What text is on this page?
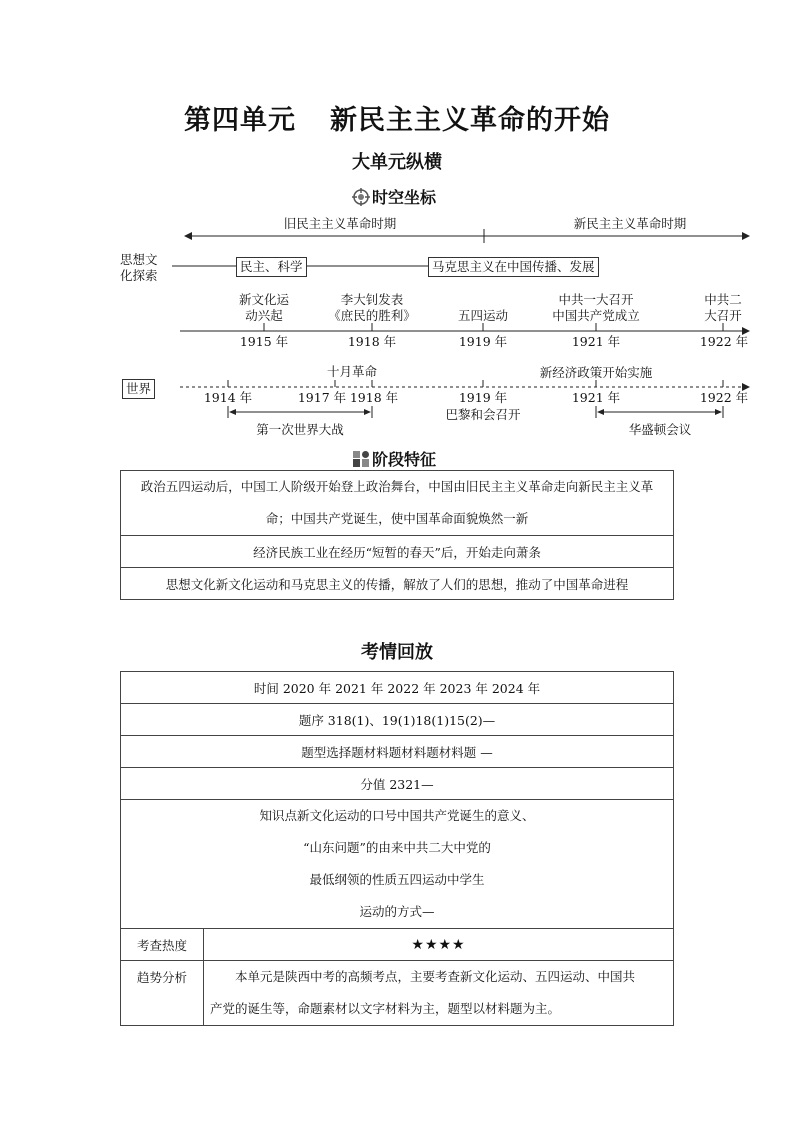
第四单元 新民主主义革命的开始
大单元纵横
时空坐标
旧民主主义革命时期	新民主主义革命时期
思想文
化探索
民主、科学	马克思主义在中国传播、发展
新文化运
动兴起
李大钊发表
《庶民的胜利》	五四运动
中共一大召开
中国共产党成立
中共二
大召开
1915 年	1918 年	1919 年	1921 年	1922 年
世界
十月革命	新经济政策开始实施
1914 年	1917 年 1918 年	1919 年	1921 年	1922 年
巴黎和会召开
第一次世界大战	华盛顿会议
阶段特征
政治五四运动后，中国工人阶级开始登上政治舞台，中国由旧民主主义革命走向新民主主义革
命；中国共产党诞生，使中国革命面貌焕然一新

经济民族工业在经历“短暂的春天”后，开始走向萧条
思想文化新文化运动和马克思主义的传播，解放了人们的思想，推动了中国革命进程
考情回放
时间 2020 年 2021 年 2022 年 2023 年 2024 年	
题序 318(1)、19(1)18(1)15(2)—	
题型选择题材料题材料题材料题 —	
分值 2321—	

知识点新文化运动的口号中国共产党诞生的意义、
“山东问题”的由来中共二大中党的
最低纲领的性质五四运动中学生
运动的方式—	

考查热度	★★★★
趋势分析	本单元是陕西中考的高频考点，主要考查新文化运动、五四运动、中国共
产党的诞生等，命题素材以文字材料为主，题型以材料题为主。
